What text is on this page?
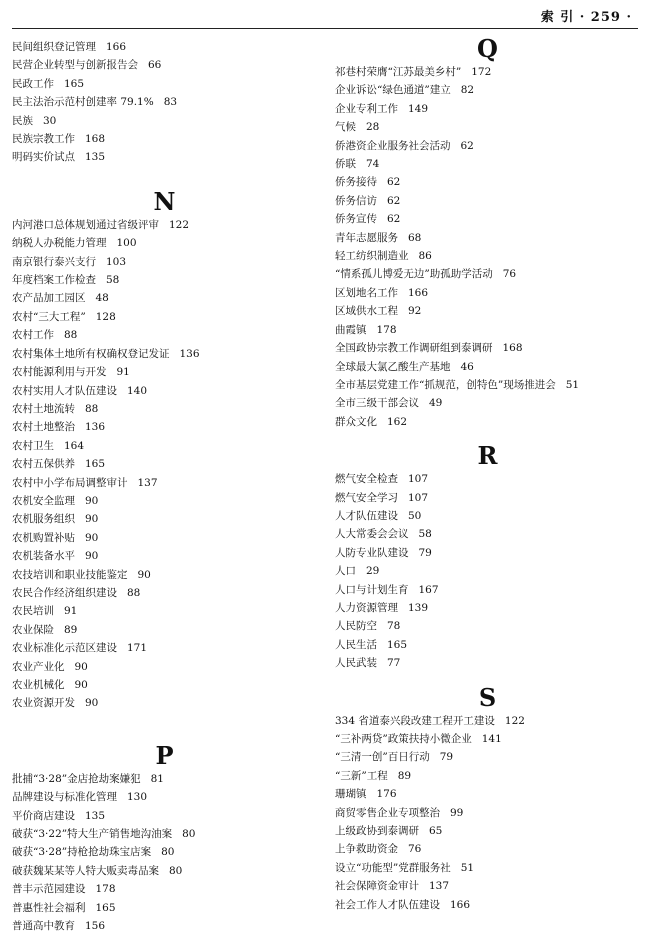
索 引 · 259 ·
民间组织登记管理 166
民营企业转型与创新报告会 66
民政工作 165
民主法治示范村创建率 79.1% 83
民族 30
民族宗教工作 168
明码实价试点 135
N
内河港口总体规划通过省级评审 122
纳税人办税能力管理 100
南京银行泰兴支行 103
年度档案工作检查 58
农产品加工园区 48
农村“三大工程” 128
农村工作 88
农村集体土地所有权确权登记发证 136
农村能源利用与开发 91
农村实用人才队伍建设 140
农村土地流转 88
农村土地整治 136
农村卫生 164
农村五保供养 165
农村中小学布局调整审计 137
农机安全监理 90
农机服务组织 90
农机购置补贴 90
农机装备水平 90
农技培训和职业技能鉴定 90
农民合作经济组织建设 88
农民培训 91
农业保险 89
农业标准化示范区建设 171
农业产业化 90
农业机械化 90
农业资源开发 90
P
批捕“3·28”金店抢劫案嫌犯 81
品牌建设与标准化管理 130
平价商店建设 135
破获“3·22”特大生产销售地沟油案 80
破获“3·28”持枪抢劫珠宝店案 80
破获魏某某等人特大贩卖毒品案 80
普丰示范园建设 178
普惠性社会福利 165
普通高中教育 156
Q
祁巷村荣膺“江苏最美乡村” 172
企业诉讼“绿色通道”建立 82
企业专利工作 149
气候 28
侨港资企业服务社会活动 62
侨联 74
侨务接待 62
侨务信访 62
侨务宣传 62
青年志愿服务 68
轻工纺织制造业 86
“情系孤儿博爱无边”助孤助学活动 76
区划地名工作 166
区域供水工程 92
曲霞镇 178
全国政协宗教工作调研组到泰调研 168
全球最大氯乙酸生产基地 46
全市基层党建工作“抓规范，创特色”现场推进会 51
全市三级干部会议 49
群众文化 162
R
燃气安全检查 107
燃气安全学习 107
人才队伍建设 50
人大常委会会议 58
人防专业队建设 79
人口 29
人口与计划生育 167
人力资源管理 139
人民防空 78
人民生活 165
人民武装 77
S
334 省道泰兴段改建工程开工建设 122
“三补两贷”政策扶持小微企业 141
“三清一创”百日行动 79
“三新”工程 89
珊瑚镇 176
商贸零售企业专项整治 99
上级政协到泰调研 65
上争救助资金 76
设立“功能型”党群服务社 51
社会保障资金审计 137
社会工作人才队伍建设 166
